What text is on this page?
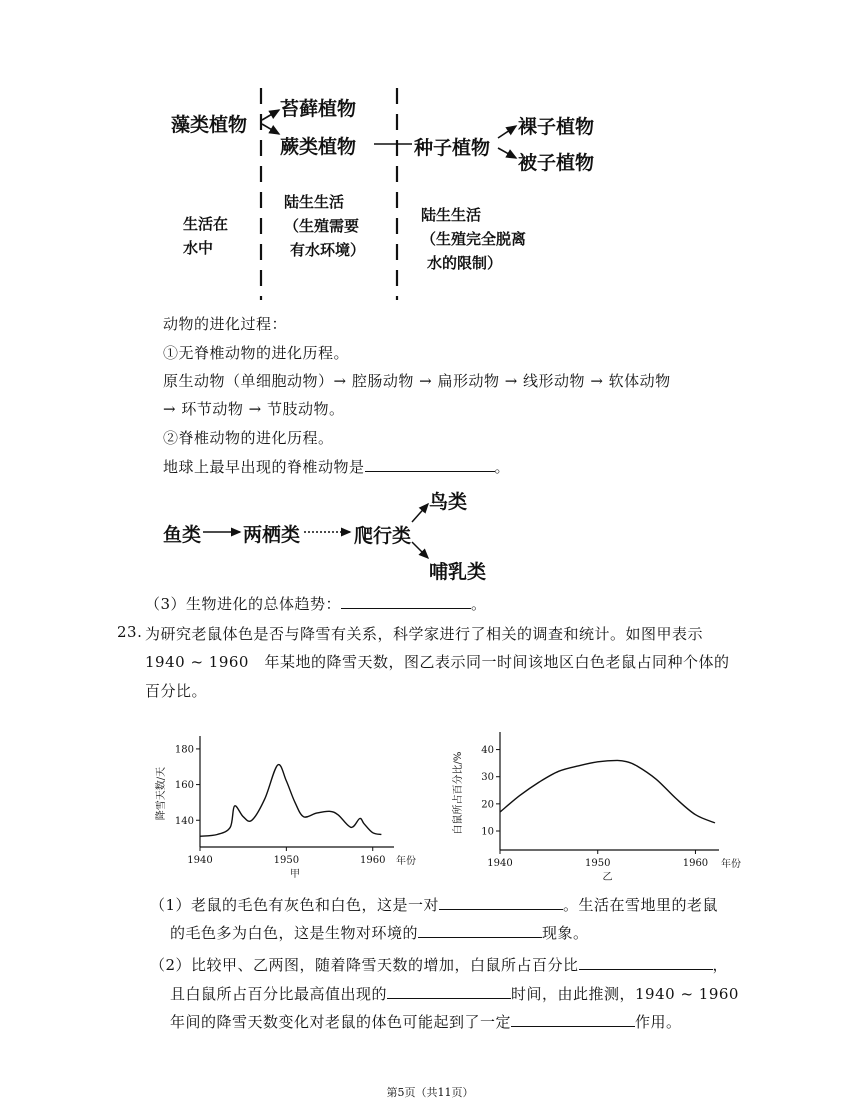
藻类植物
苔藓植物
蕨类植物	种子植物
裸子植物
被子植物
生活在
水中
陆生生活
（生殖需要
有水环境）
陆生生活
（生殖完全脱离
水的限制）
动物的进化过程：
①无脊椎动物的进化历程。
原生动物（单细胞动物）→ 腔肠动物 → 扁形动物 → 线形动物 → 软体动物
→ 环节动物 → 节肢动物。
②脊椎动物的进化历程。
地球上最早出现的脊椎动物是	。
鱼类 两栖类	爬行类
鸟类
哺乳类
（3）生物进化的总体趋势：	。
23. 为研究老鼠体色是否与降雪有关系，科学家进行了相关的调查和统计。如图甲表示
1940 ~ 1960　年某地的降雪天数，图乙表示同一时间该地区白色老鼠占同种个体的
百分比。
140
160
180
1940	1950	1960 年份
甲
降雪天数/天
10
20
30
40
1940	1950	1960 年份
乙
白鼠所占百分比/%
（1）老鼠的毛色有灰色和白色，这是一对	。生活在雪地里的老鼠
的毛色多为白色，这是生物对环境的	现象。
（2）比较甲、乙两图，随着降雪天数的增加，白鼠所占百分比	，
且白鼠所占百分比最高值出现的	时间，由此推测，1940 ~ 1960
年间的降雪天数变化对老鼠的体色可能起到了一定	作用。
第5页（共11页）
